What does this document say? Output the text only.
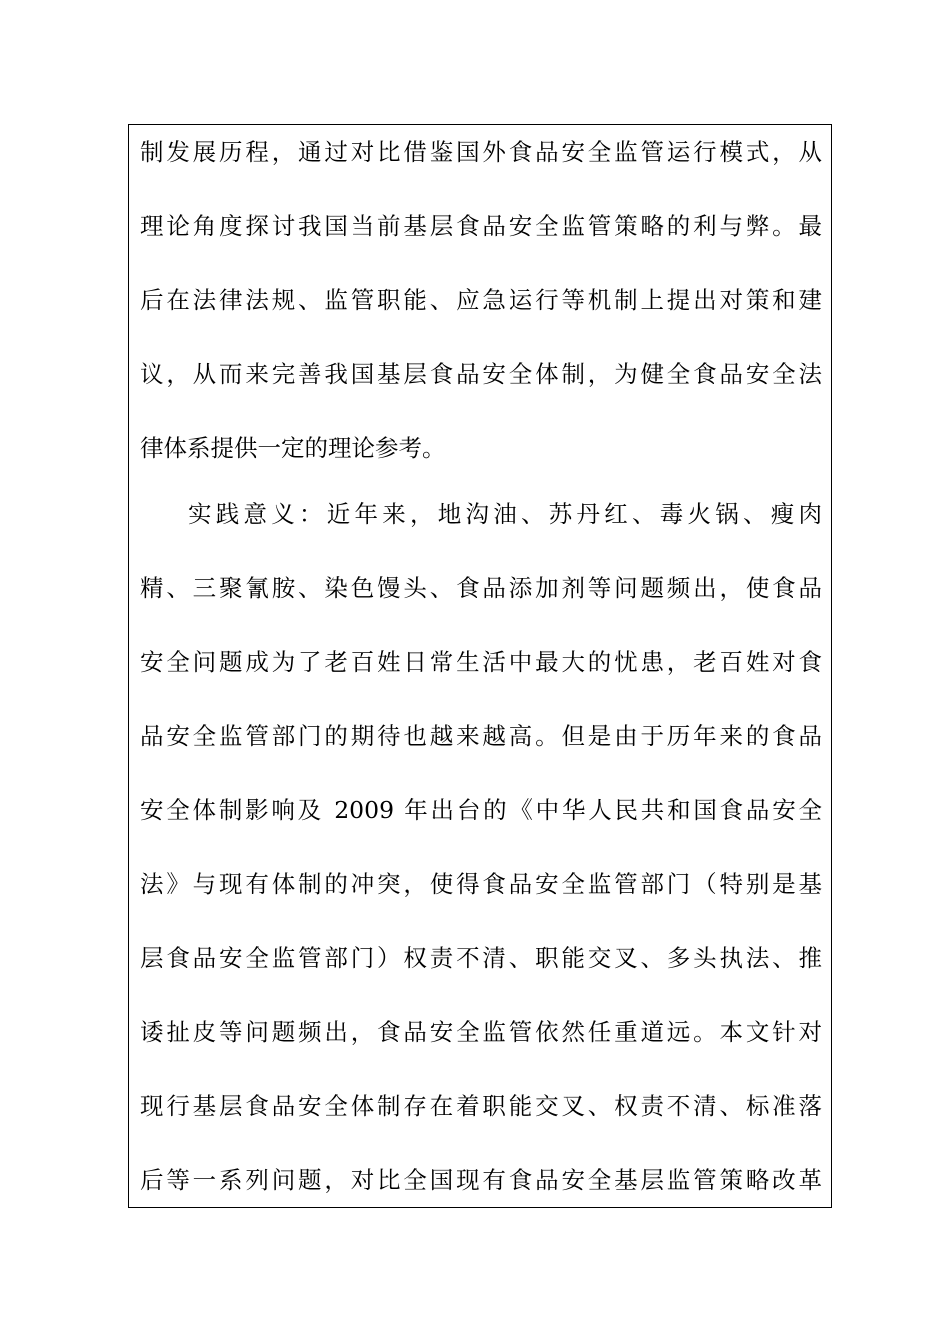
制发展历程，通过对比借鉴国外食品安全监管运行模式，从
理论角度探讨我国当前基层食品安全监管策略的利与弊。最
后在法律法规、监管职能、应急运行等机制上提出对策和建
议，从而来完善我国基层食品安全体制，为健全食品安全法
律体系提供一定的理论参考。
实践意义：近年来，地沟油、苏丹红、毒火锅、瘦肉
精、三聚氰胺、染色馒头、食品添加剂等问题频出，使食品
安全问题成为了老百姓日常生活中最大的忧患，老百姓对食
品安全监管部门的期待也越来越高。但是由于历年来的食品
安全体制影响及 2009 年出台的《中华人民共和国食品安全
法》与现有体制的冲突，使得食品安全监管部门（特别是基
层食品安全监管部门）权责不清、职能交叉、多头执法、推
诿扯皮等问题频出，食品安全监管依然任重道远。本文针对
现行基层食品安全体制存在着职能交叉、权责不清、标准落
后等一系列问题，对比全国现有食品安全基层监管策略改革
